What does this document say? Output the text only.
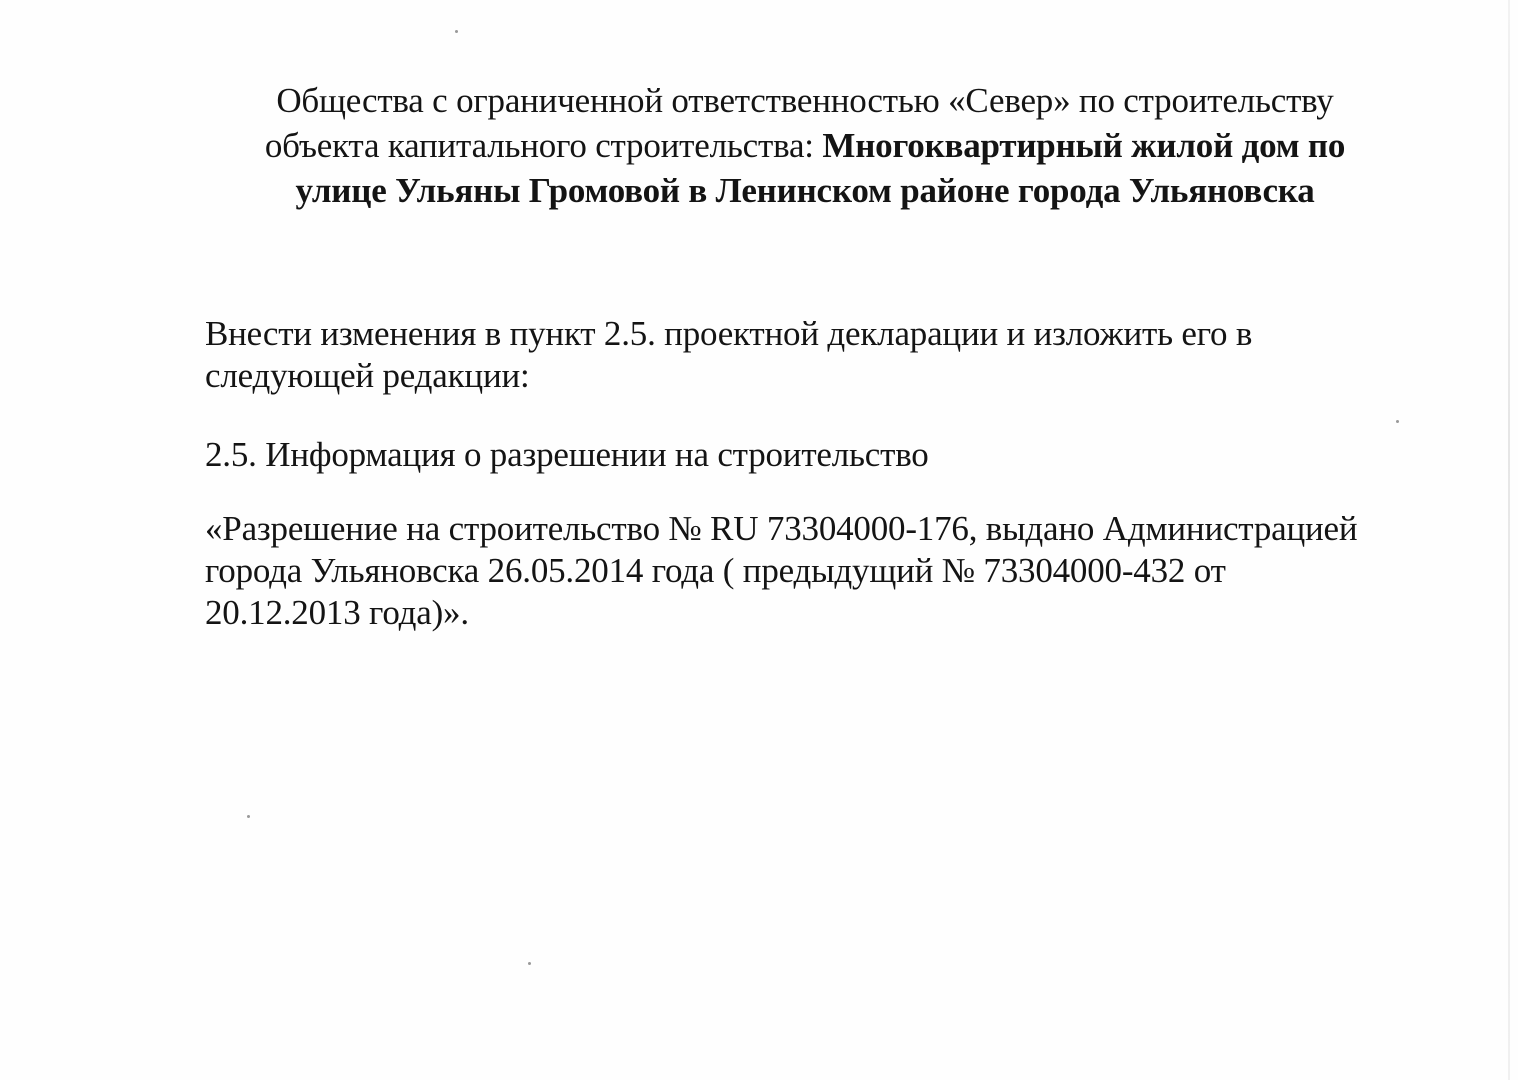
Общества с ограниченной ответственностью «Север» по строительству
объекта капитального строительства: Многоквартирный жилой дом по
улице Ульяны Громовой в Ленинском районе города Ульяновска
Внести изменения в пункт 2.5. проектной декларации и изложить его в
следующей редакции:
2.5. Информация о разрешении на строительство
«Разрешение на строительство № RU 73304000-176, выдано Администрацией
города Ульяновска 26.05.2014 года ( предыдущий № 73304000-432 от
20.12.2013 года)».
